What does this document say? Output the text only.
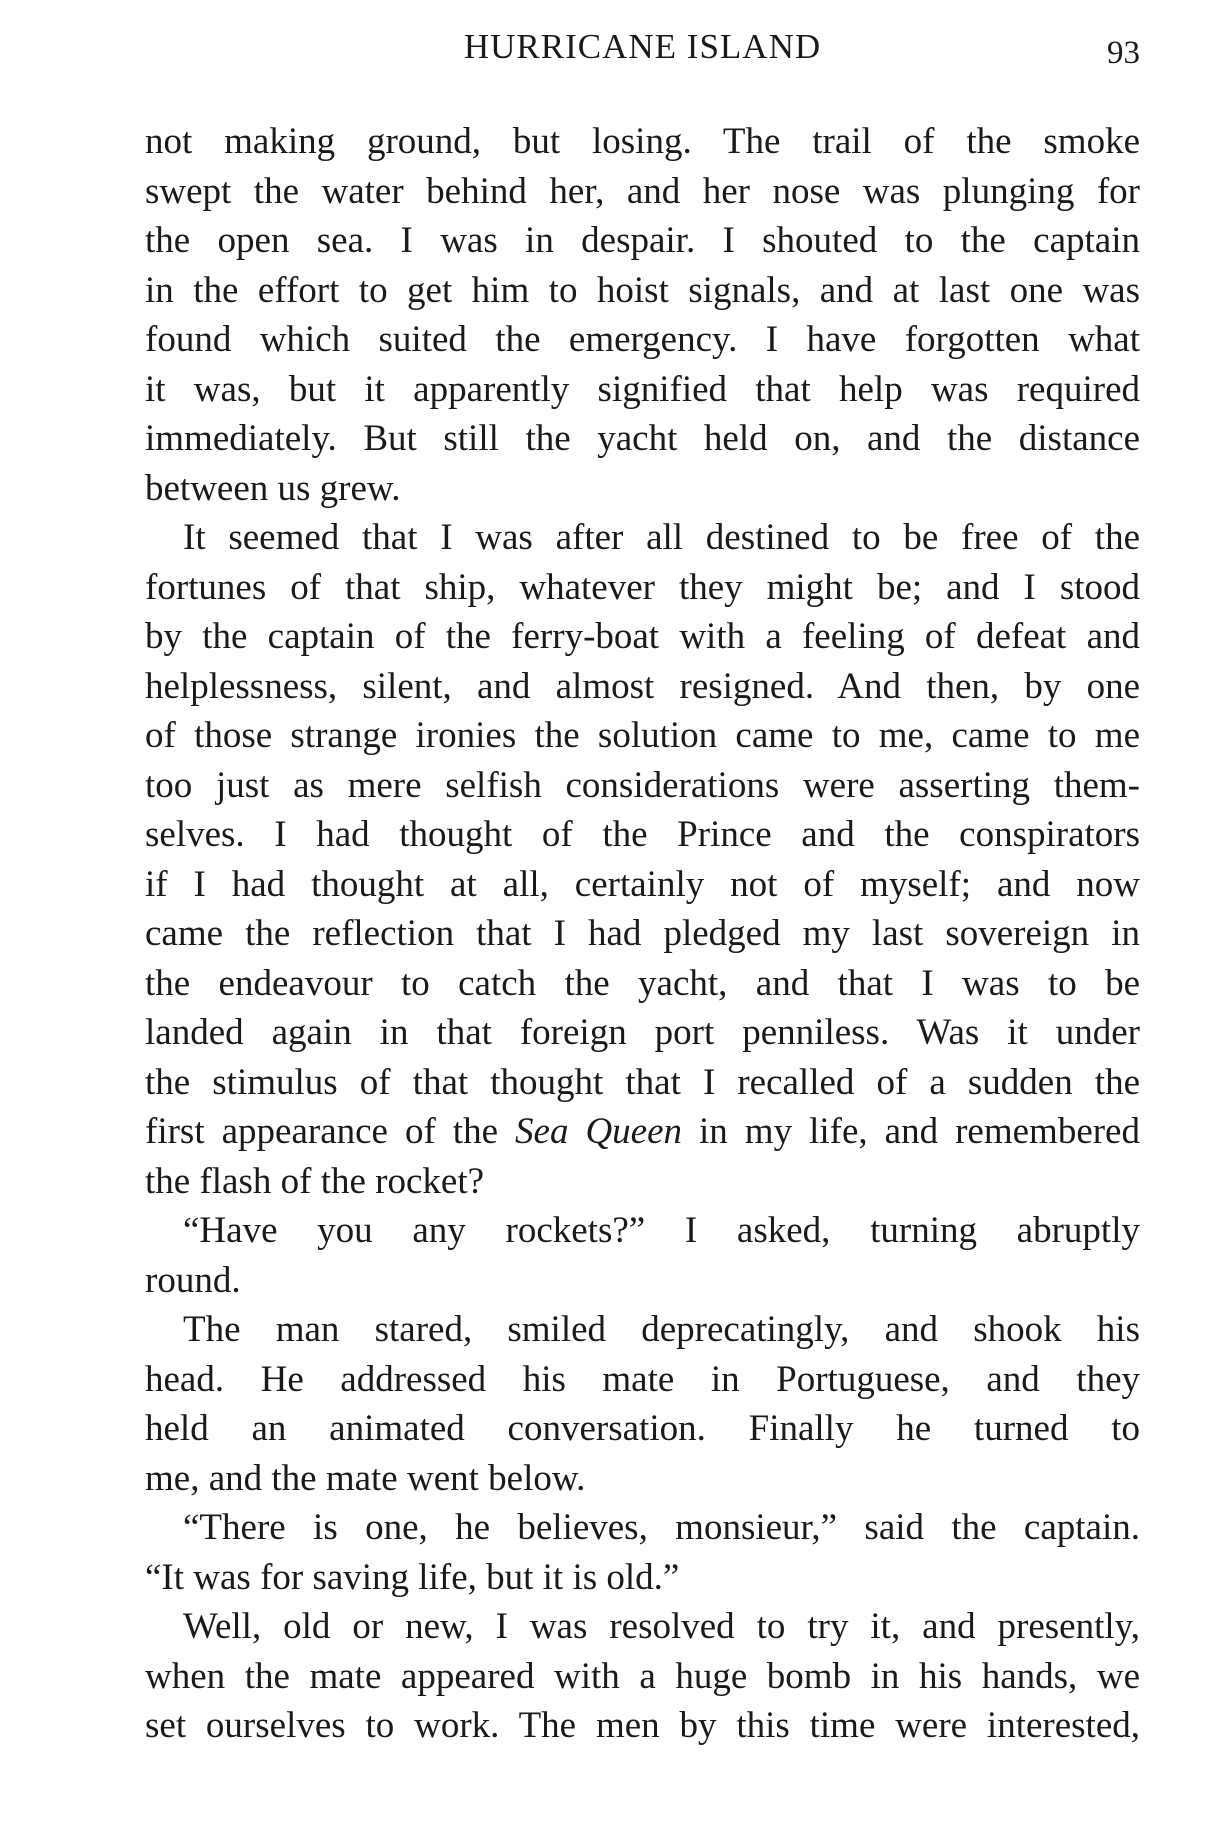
HURRICANE ISLAND	93

not making ground, but losing. The trail of the smoke
swept the water behind her, and her nose was plunging for
the open sea. I was in despair. I shouted to the captain
in the effort to get him to hoist signals, and at last one was
found which suited the emergency. I have forgotten what
it was, but it apparently signified that help was required
immediately. But still the yacht held on, and the distance
between us grew.

It seemed that I was after all destined to be free of the
fortunes of that ship, whatever they might be; and I stood
by the captain of the ferry-boat with a feeling of defeat and
helplessness, silent, and almost resigned. And then, by one
of those strange ironies the solution came to me, came to me
too just as mere selfish considerations were asserting them-
selves. I had thought of the Prince and the conspirators
if I had thought at all, certainly not of myself; and now
came the reflection that I had pledged my last sovereign in
the endeavour to catch the yacht, and that I was to be
landed again in that foreign port penniless. Was it under
the stimulus of that thought that I recalled of a sudden the
first appearance of the Sea Queen in my life, and remembered
the flash of the rocket?

“Have you any rockets?” I asked, turning abruptly
round.

The man stared, smiled deprecatingly, and shook his
head. He addressed his mate in Portuguese, and they
held an animated conversation. Finally he turned to
me, and the mate went below.

“There is one, he believes, monsieur,” said the captain.
“It was for saving life, but it is old.”

Well, old or new, I was resolved to try it, and presently,
when the mate appeared with a huge bomb in his hands, we
set ourselves to work. The men by this time were interested,
